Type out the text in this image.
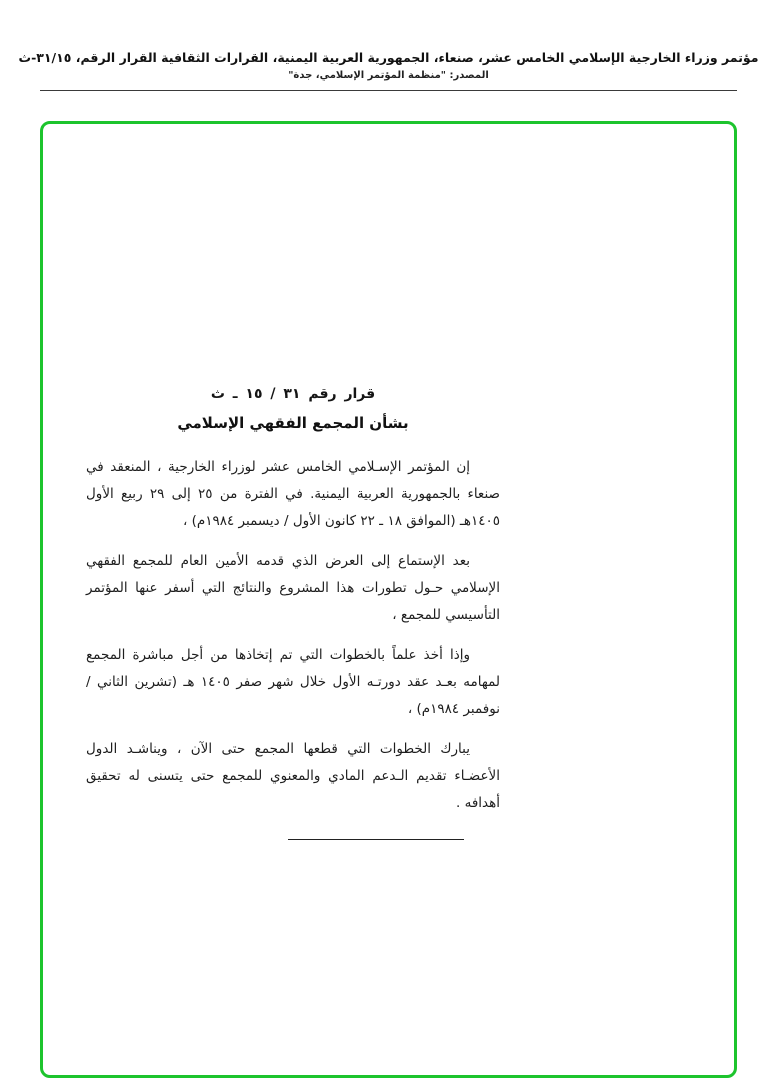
مؤتمر وزراء الخارجية الإسلامي الخامس عشر، صنعاء، الجمهورية العربية اليمنية، القرارات الثقافية القرار الرقم، ٣١/١٥-ث
المصدر: "منظمة المؤتمر الإسلامي، جدة"
قرار رقم ٣١ / ١٥ ـ ث
بشأن المجمع الفقهي الإسلامي

إن المؤتمر الإسـلامي الخامس عشر لوزراء الخارجية ، المنعقد في صنعاء بالجمهورية العربية اليمنية. في الفترة من ٢٥ إلى ٢٩ ربيع الأول ١٤٠٥هـ (الموافق ١٨ ـ ٢٢ كانون الأول / ديسمبر ١٩٨٤م) ،

بعد الإستماع إلى العرض الذي قدمه الأمين العام للمجمع الفقهي الإسلامي حـول تطورات هذا المشروع والنتائج التي أسفر عنها المؤتمر التأسيسي للمجمع ،

وإذا أخذ علماً بالخطوات التي تم إتخاذها من أجل مباشرة المجمع لمهامه بعـد عقد دورتـه الأول خلال شهر صفر ١٤٠٥ هـ (تشرين الثاني / نوفمبر ١٩٨٤م) ،

يبارك الخطوات التي قطعها المجمع حتى الآن ، ويناشـد الدول الأعضـاء تقديم الـدعم المادي والمعنوي للمجمع حتى يتسنى له تحقيق أهدافه .
